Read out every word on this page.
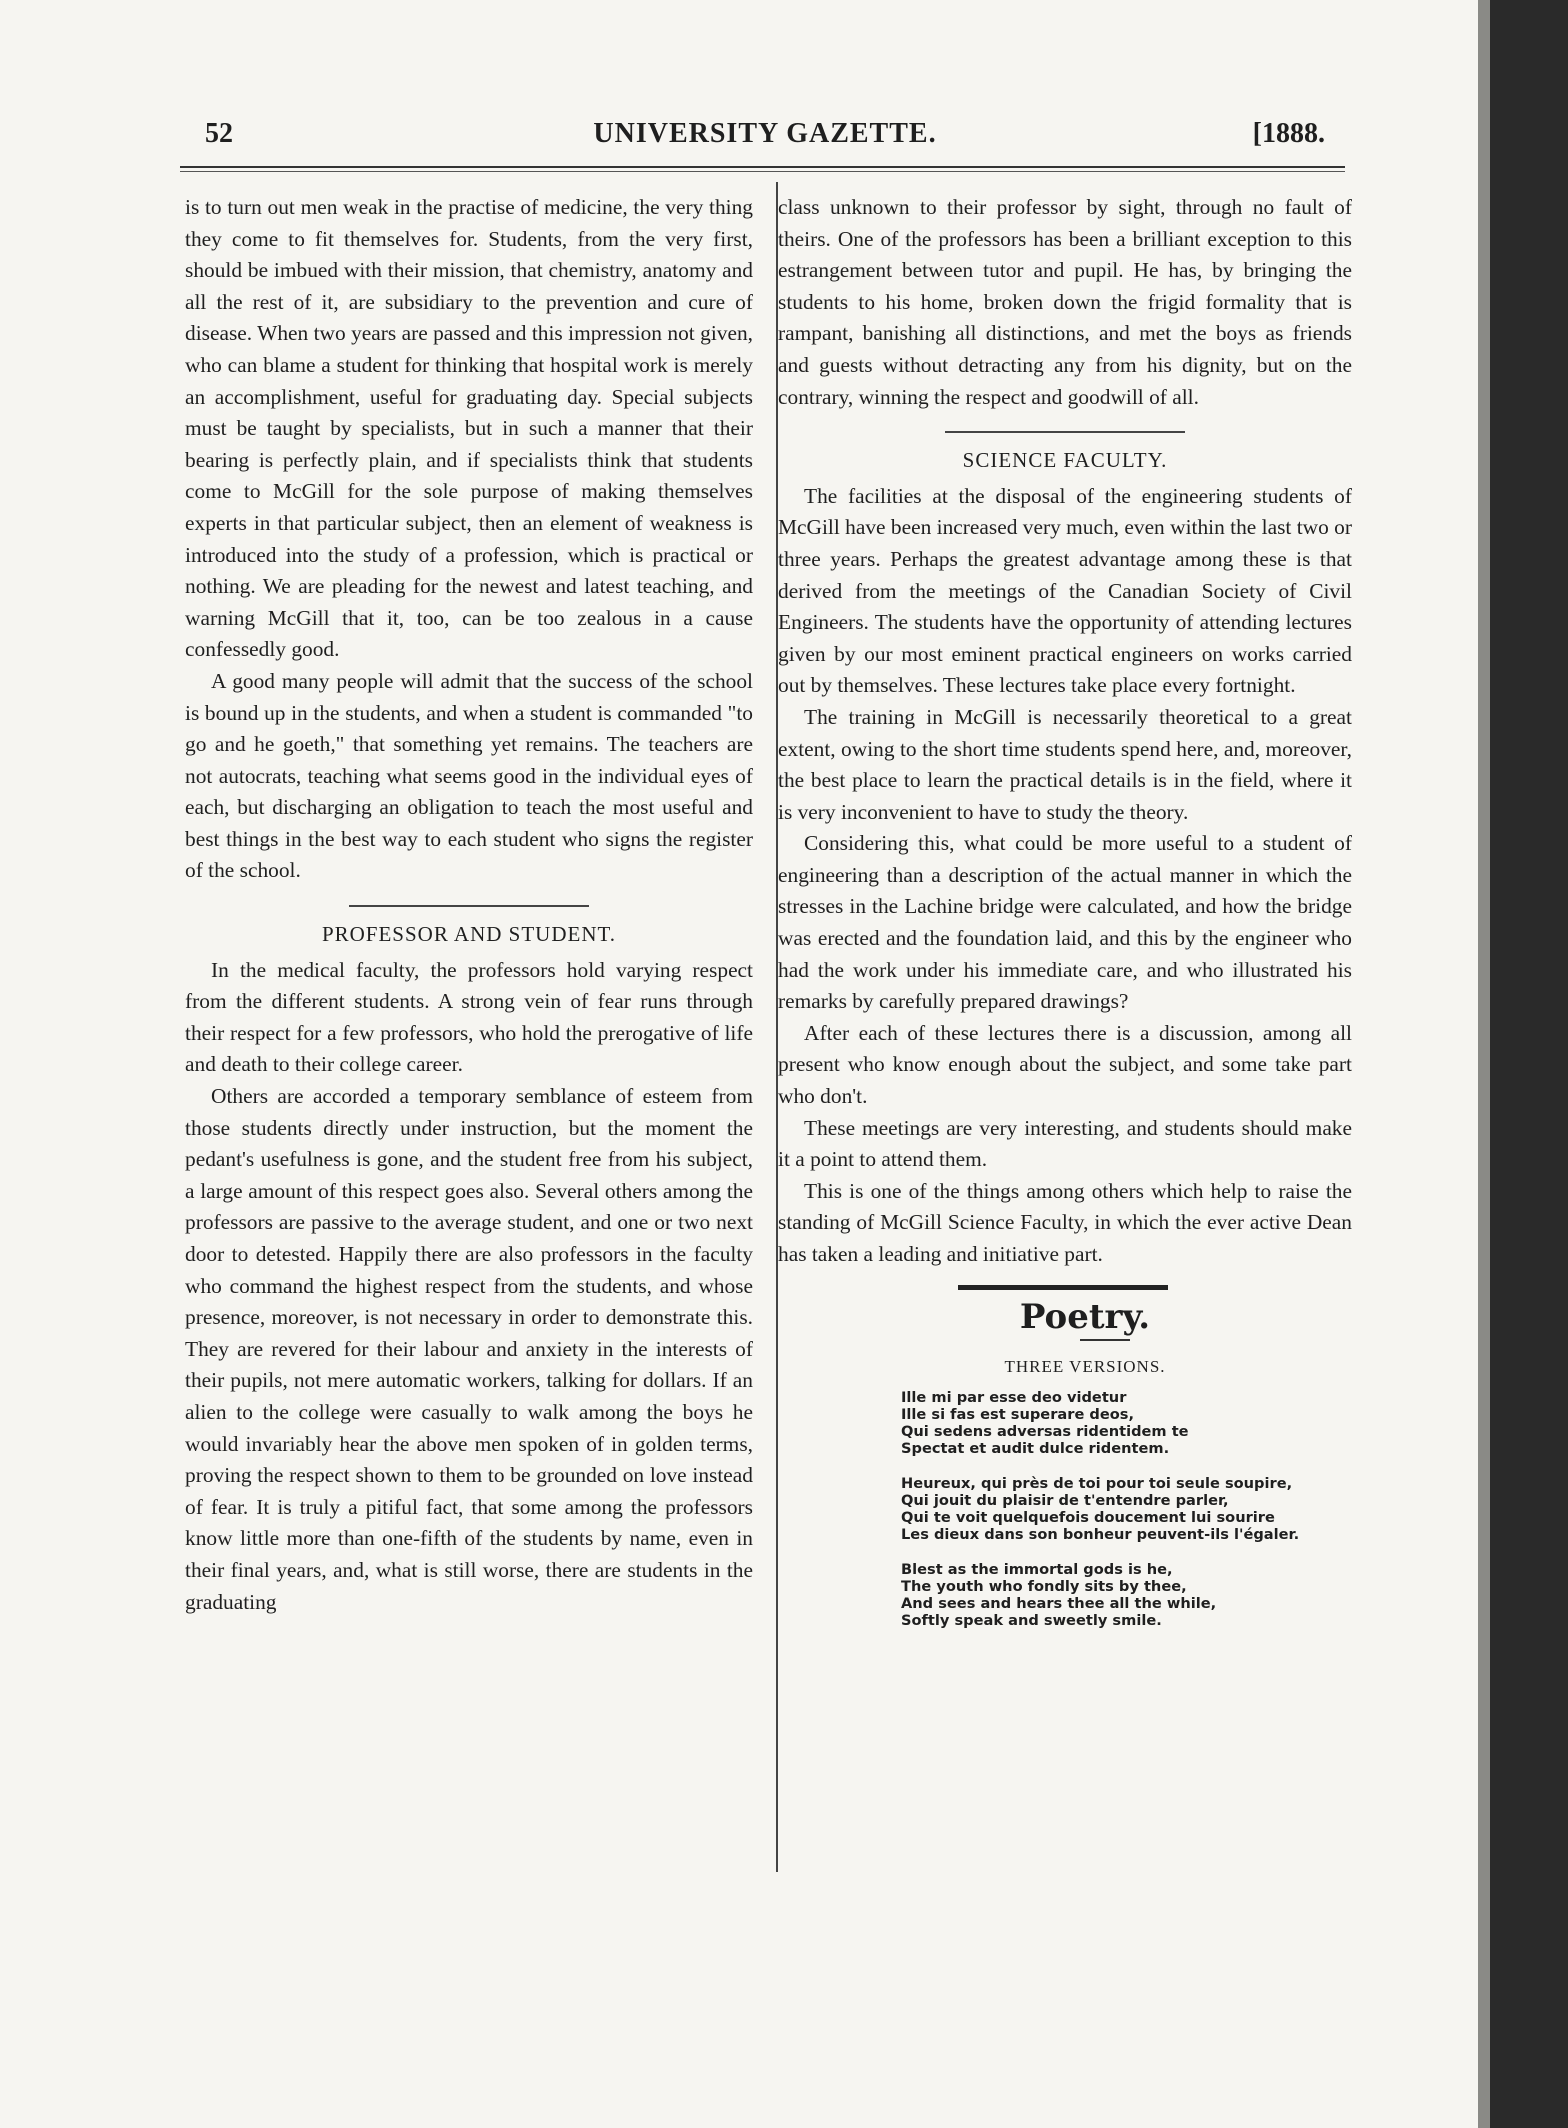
52	UNIVERSITY GAZETTE.	[1888.

is to turn out men weak in the practise of medicine, the very thing they come to fit themselves for. Students, from the very first, should be imbued with their mission, that chemistry, anatomy and all the rest of it, are subsidiary to the prevention and cure of disease. When two years are passed and this impression not given, who can blame a student for thinking that hospital work is merely an accomplishment, useful for graduating day. Special subjects must be taught by specialists, but in such a manner that their bearing is perfectly plain, and if specialists think that students come to McGill for the sole purpose of making themselves experts in that particular subject, then an element of weakness is introduced into the study of a profession, which is practical or nothing. We are pleading for the newest and latest teaching, and warning McGill that it, too, can be too zealous in a cause confessedly good.

A good many people will admit that the success of the school is bound up in the students, and when a student is commanded "to go and he goeth," that something yet remains. The teachers are not autocrats, teaching what seems good in the individual eyes of each, but discharging an obligation to teach the most useful and best things in the best way to each student who signs the register of the school.

PROFESSOR AND STUDENT.

In the medical faculty, the professors hold varying respect from the different students. A strong vein of fear runs through their respect for a few professors, who hold the prerogative of life and death to their college career.

Others are accorded a temporary semblance of esteem from those students directly under instruction, but the moment the pedant's usefulness is gone, and the student free from his subject, a large amount of this respect goes also. Several others among the professors are passive to the average student, and one or two next door to detested. Happily there are also professors in the faculty who command the highest respect from the students, and whose presence, moreover, is not necessary in order to demonstrate this. They are revered for their labour and anxiety in the interests of their pupils, not mere automatic workers, talking for dollars. If an alien to the college were casually to walk among the boys he would invariably hear the above men spoken of in golden terms, proving the respect shown to them to be grounded on love instead of fear. It is truly a pitiful fact, that some among the professors know little more than one-fifth of the students by name, even in their final years, and, what is still worse, there are students in the graduating

class unknown to their professor by sight, through no fault of theirs. One of the professors has been a brilliant exception to this estrangement between tutor and pupil. He has, by bringing the students to his home, broken down the frigid formality that is rampant, banishing all distinctions, and met the boys as friends and guests without detracting any from his dignity, but on the contrary, winning the respect and goodwill of all.

SCIENCE FACULTY.

The facilities at the disposal of the engineering students of McGill have been increased very much, even within the last two or three years. Perhaps the greatest advantage among these is that derived from the meetings of the Canadian Society of Civil Engineers. The students have the opportunity of attending lectures given by our most eminent practical engineers on works carried out by themselves. These lectures take place every fortnight.

The training in McGill is necessarily theoretical to a great extent, owing to the short time students spend here, and, moreover, the best place to learn the practical details is in the field, where it is very inconvenient to have to study the theory.

Considering this, what could be more useful to a student of engineering than a description of the actual manner in which the stresses in the Lachine bridge were calculated, and how the bridge was erected and the foundation laid, and this by the engineer who had the work under his immediate care, and who illustrated his remarks by carefully prepared drawings?

After each of these lectures there is a discussion, among all present who know enough about the subject, and some take part who don't.

These meetings are very interesting, and students should make it a point to attend them.

This is one of the things among others which help to raise the standing of McGill Science Faculty, in which the ever active Dean has taken a leading and initiative part.

Poetry.
THREE VERSIONS.
Ille mi par esse deo videtur
Ille si fas est superare deos,
Qui sedens adversas ridentidem te
Spectat et audit dulce ridentem.
Heureux, qui près de toi pour toi seule soupire,
Qui jouit du plaisir de t'entendre parler,
Qui te voit quelquefois doucement lui sourire
Les dieux dans son bonheur peuvent-ils l'égaler.
Blest as the immortal gods is he,
The youth who fondly sits by thee,
And sees and hears thee all the while,
Softly speak and sweetly smile.
